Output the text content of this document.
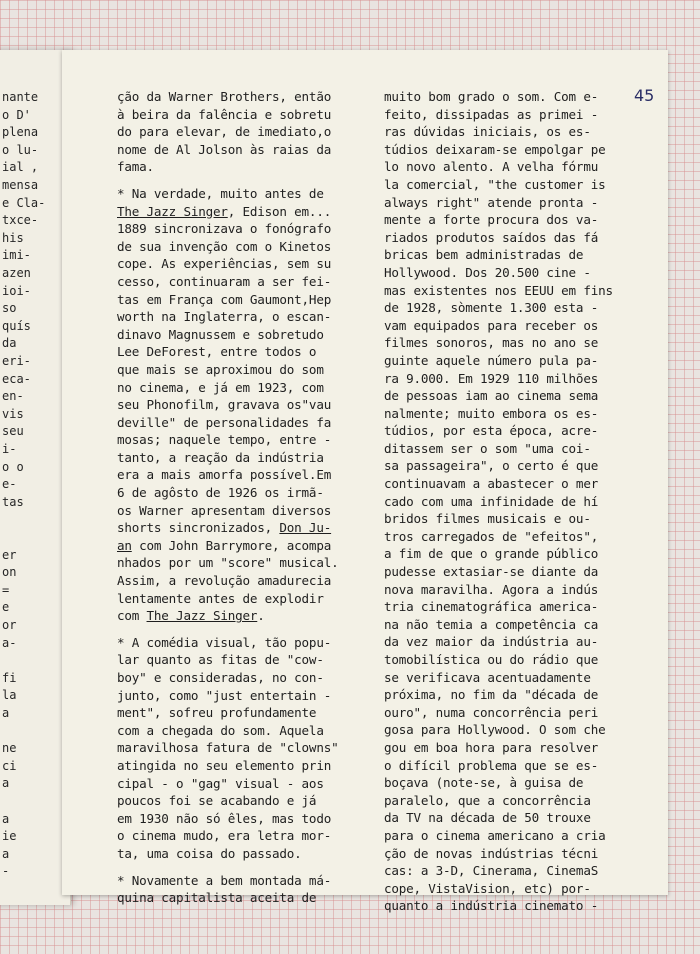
nante
o D'
plena
o lu-
ial ,
mensa
e Cla-
txce-
his
imi-
azen
ioi-
so
quís
da
eri-
eca-
en-
vis
seu
i-
o o
e-
tas
er
on
=
e
or
a-
fi
la
a
ne
ci
a
a
ie
a
-
45
ção da Warner Brothers, então
à beira da falência e sobretu
do para elevar, de imediato,o
nome de Al Jolson às raias da
fama.
* Na verdade, muito antes de
The Jazz Singer, Edison em...
1889 sincronizava o fonógrafo
de sua invenção com o Kinetos
cope. As experiências, sem su
cesso, continuaram a ser fei-
tas em França com Gaumont,Hep
worth na Inglaterra, o escan-
dinavo Magnussem e sobretudo
Lee DeForest, entre todos o
que mais se aproximou do som
no cinema, e já em 1923, com
seu Phonofilm, gravava os"vau
deville" de personalidades fa
mosas; naquele tempo, entre -
tanto, a reação da indústria
era a mais amorfa possível.Em
6 de agôsto de 1926 os irmã-
os Warner apresentam diversos
shorts sincronizados, Don Ju-
an com John Barrymore, acompa
nhados por um "score" musical.
Assim, a revolução amadurecia
lentamente antes de explodir
com The Jazz Singer.
* A comédia visual, tão popu-
lar quanto as fitas de "cow-
boy" e consideradas, no con-
junto, como "just entertain -
ment", sofreu profundamente
com a chegada do som. Aquela
maravilhosa fatura de "clowns"
atingida no seu elemento prin
cipal - o "gag" visual - aos
poucos foi se acabando e já
em 1930 não só êles, mas todo
o cinema mudo, era letra mor-
ta, uma coisa do passado.
* Novamente a bem montada má-
quina capitalista aceita de
muito bom grado o som. Com e-
feito, dissipadas as primei -
ras dúvidas iniciais, os es-
túdios deixaram-se empolgar pe
lo novo alento. A velha fórmu
la comercial, "the customer is
always right" atende pronta -
mente a forte procura dos va-
riados produtos saídos das fá
bricas bem administradas de
Hollywood. Dos 20.500 cine -
mas existentes nos EEUU em fins
de 1928, sòmente 1.300 esta -
vam equipados para receber os
filmes sonoros, mas no ano se
guinte aquele número pula pa-
ra 9.000. Em 1929 110 milhões
de pessoas iam ao cinema sema
nalmente; muito embora os es-
túdios, por esta época, acre-
ditassem ser o som "uma coi-
sa passageira", o certo é que
continuavam a abastecer o mer
cado com uma infinidade de hí
bridos filmes musicais e ou-
tros carregados de "efeitos",
a fim de que o grande público
pudesse extasiar-se diante da
nova maravilha. Agora a indús
tria cinematográfica america-
na não temia a competência ca
da vez maior da indústria au-
tomobilística ou do rádio que
se verificava acentuadamente
próxima, no fim da "década de
ouro", numa concorrência peri
gosa para Hollywood. O som che
gou em boa hora para resolver
o difícil problema que se es-
boçava (note-se, à guisa de
paralelo, que a concorrência
da TV na década de 50 trouxe
para o cinema americano a cria
ção de novas indústrias técni
cas: a 3-D, Cinerama, CinemaS
cope, VistaVision, etc) por-
quanto a indústria cinemato -
